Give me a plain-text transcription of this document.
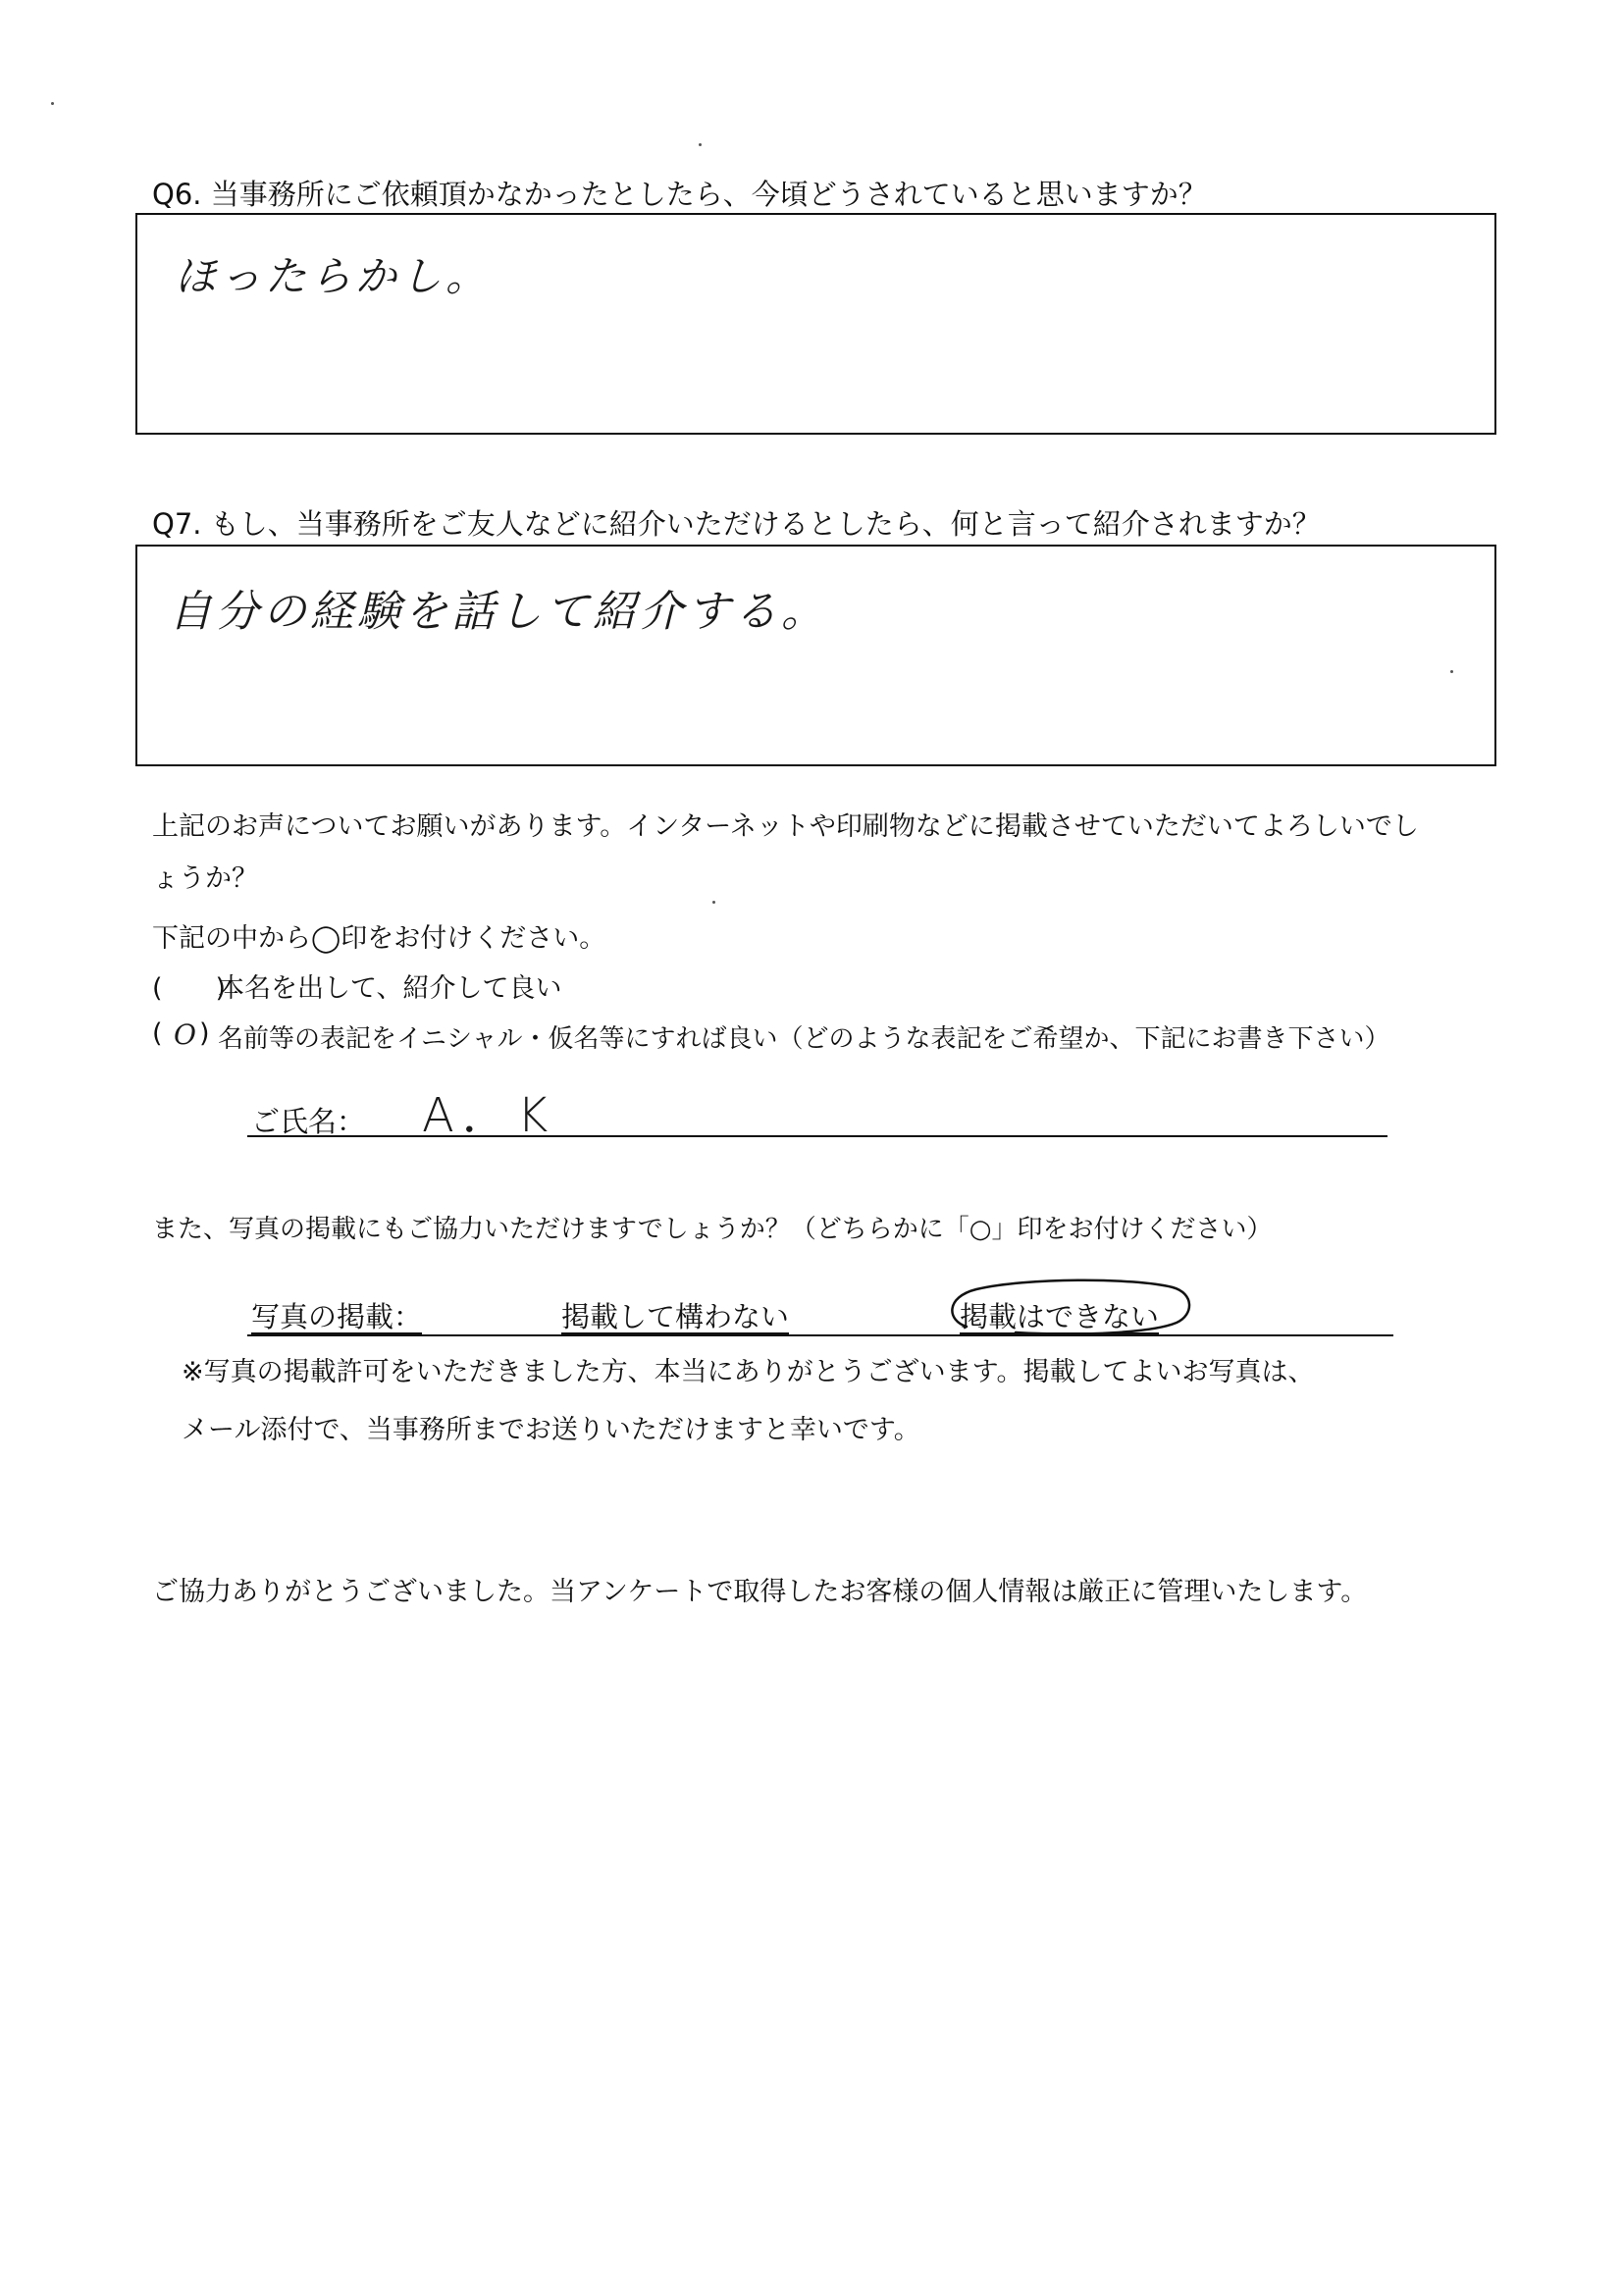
Q6. 当事務所にご依頼頂かなかったとしたら、今頃どうされていると思いますか？

ほったらかし。

Q7. もし、当事務所をご友人などに紹介いただけるとしたら、何と言って紹介されますか？

自分の経験を話して紹介する。

上記のお声についてお願いがあります。インターネットや印刷物などに掲載させていただいてよろしいでし

ょうか？

下記の中から◯印をお付けください。

(　　)

本名を出して、紹介して良い

( O ) 名前等の表記をイニシャル・仮名等にすれば良い（どのような表記をご希望か、下記にお書き下さい）

ご氏名： A．K

また、写真の掲載にもご協力いただけますでしょうか？（どちらかに「○」印をお付けください）

写真の掲載：	掲載して構わない	掲載はできない

※写真の掲載許可をいただきました方、本当にありがとうございます。掲載してよいお写真は、

メール添付で、当事務所までお送りいただけますと幸いです。

ご協力ありがとうございました。当アンケートで取得したお客様の個人情報は厳正に管理いたします。
